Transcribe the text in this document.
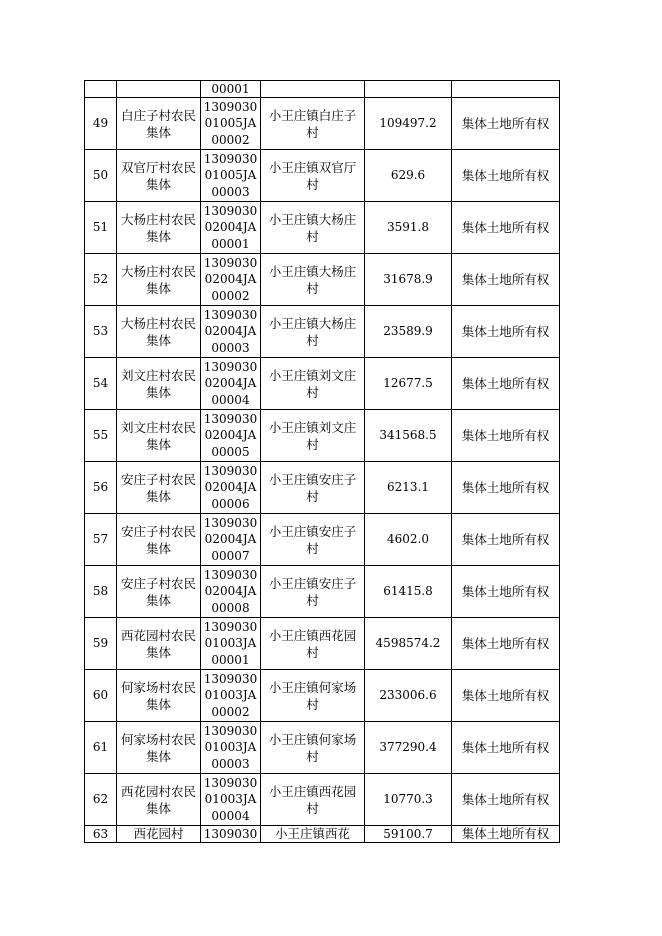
		00001			
49	白庄子村农民集体	130903001005JA00002	小王庄镇白庄子村	109497.2	集体土地所有权
50	双官厅村农民集体	130903001005JA00003	小王庄镇双官厅村	629.6	集体土地所有权
51	大杨庄村农民集体	130903002004JA00001	小王庄镇大杨庄村	3591.8	集体土地所有权
52	大杨庄村农民集体	130903002004JA00002	小王庄镇大杨庄村	31678.9	集体土地所有权
53	大杨庄村农民集体	130903002004JA00003	小王庄镇大杨庄村	23589.9	集体土地所有权
54	刘文庄村农民集体	130903002004JA00004	小王庄镇刘文庄村	12677.5	集体土地所有权
55	刘文庄村农民集体	130903002004JA00005	小王庄镇刘文庄村	341568.5	集体土地所有权
56	安庄子村农民集体	130903002004JA00006	小王庄镇安庄子村	6213.1	集体土地所有权
57	安庄子村农民集体	130903002004JA00007	小王庄镇安庄子村	4602.0	集体土地所有权
58	安庄子村农民集体	130903002004JA00008	小王庄镇安庄子村	61415.8	集体土地所有权
59	西花园村农民集体	130903001003JA00001	小王庄镇西花园村	4598574.2	集体土地所有权
60	何家场村农民集体	130903001003JA00002	小王庄镇何家场村	233006.6	集体土地所有权
61	何家场村农民集体	130903001003JA00003	小王庄镇何家场村	377290.4	集体土地所有权
62	西花园村农民集体	130903001003JA00004	小王庄镇西花园村	10770.3	集体土地所有权
63	西花园村	1309030	小王庄镇西花	59100.7	集体土地所有权
